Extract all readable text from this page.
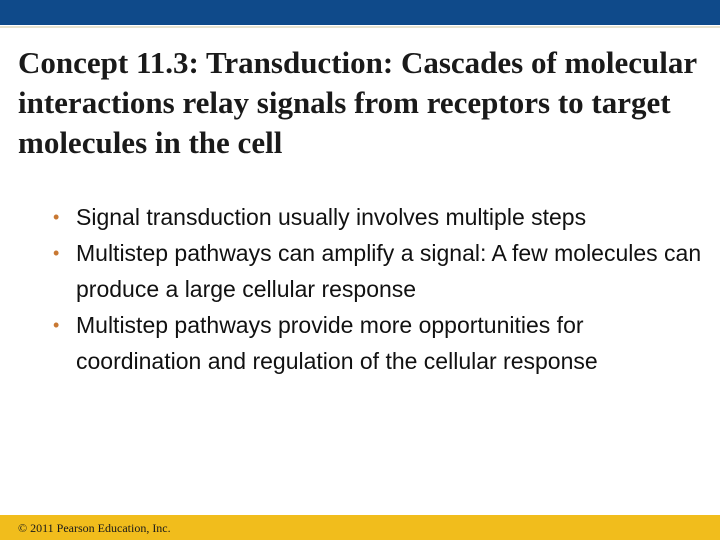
Concept 11.3: Transduction: Cascades of molecular interactions relay signals from receptors to target molecules in the cell
• Signal transduction usually involves multiple steps
• Multistep pathways can amplify a signal: A few molecules can produce a large cellular response
• Multistep pathways provide more opportunities for coordination and regulation of the cellular response
© 2011 Pearson Education, Inc.
